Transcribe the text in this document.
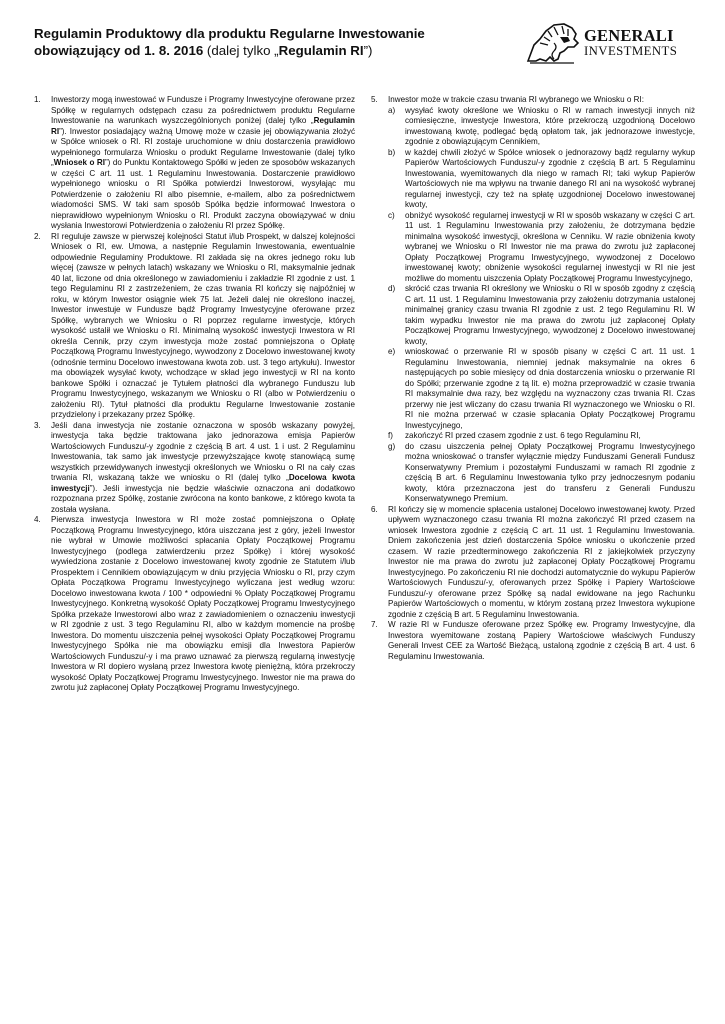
Regulamin Produktowy dla produktu Regularne Inwestowanie
obowiązujący od 1. 8. 2016 (dalej tylko „Regulamin RI”)
GENERALI
INVESTMENTS
1. Inwestorzy mogą inwestować w Fundusze i Programy Inwestycyjne oferowane przez Spółkę w regularnych odstępach czasu za pośrednictwem produktu Regularne Inwestowanie na warunkach wyszczególnionych poniżej (dalej tylko „Regulamin RI”). Inwestor posiadający ważną Umowę może w czasie jej obowiązywania złożyć w Spółce wniosek o RI. RI zostaje uruchomione w dniu dostarczenia prawidłowo wypełnionego formularza Wniosku o produkt Regularne Inwestowanie (dalej tylko „Wniosek o RI”) do Punktu Kontaktowego Spółki w jeden ze sposobów wskazanych w części C art. 11 ust. 1 Regulaminu Inwestowania. Dostarczenie prawidłowo wypełnionego wniosku o RI Spółka potwierdzi Inwestorowi, wysyłając mu Potwierdzenie o założeniu RI albo pisemnie, e-mailem, albo za pośrednictwem wiadomości SMS. W taki sam sposób Spółka będzie informować Inwestora o nieprawidłowo wypełnionym Wniosku o RI. Produkt zaczyna obowiązywać w dniu wysłania Inwestorowi Potwierdzenia o założeniu RI przez Spółkę.

2. RI reguluje zawsze w pierwszej kolejności Statut i/lub Prospekt, w dalszej kolejności Wniosek o RI, ew. Umowa, a następnie Regulamin Inwestowania, ewentualnie odpowiednie Regulaminy Produktowe. RI zakłada się na okres jednego roku lub więcej (zawsze w pełnych latach) wskazany we Wniosku o RI, maksymalnie jednak 40 lat, liczone od dnia określonego w zawiadomieniu i zakładzie RI zgodnie z ust. 1 tego Regulaminu RI z zastrzeżeniem, że czas trwania RI kończy się najpóźniej w roku, w którym Inwestor osiągnie wiek 75 lat. Jeżeli dalej nie określono inaczej, Inwestor inwestuje w Fundusze bądź Programy Inwestycyjne oferowane przez Spółkę, wybranych we Wniosku o RI poprzez regularne inwestycje, których wysokość ustalił we Wniosku o RI. Minimalną wysokość inwestycji Inwestora w RI określa Cennik, przy czym inwestycja może zostać pomniejszona o Opłatę Początkową Programu Inwestycyjnego, wywodzony z Docelowo inwestowanej kwoty (odnośnie terminu Docelowo inwestowana kwota zob. ust. 3 tego artykułu). Inwestor ma obowiązek wysyłać kwoty, wchodzące w skład jego inwestycji w RI na konto bankowe Spółki i oznaczać je Tytułem płatności dla wybranego Funduszu lub Programu Inwestycyjnego, wskazanym we Wniosku o RI (albo w Potwierdzeniu o założeniu RI). Tytuł płatności dla produktu Regularne Inwestowanie zostanie przydzielony i przekazany przez Spółkę.

3. Jeśli dana inwestycja nie zostanie oznaczona w sposób wskazany powyżej, inwestycja taka będzie traktowana jako jednorazowa emisja Papierów Wartościowych Funduszu/-y zgodnie z częścią B art. 4 ust. 1 i ust. 2 Regulaminu Inwestowania, tak samo jak inwestycje przewyższające kwotę stanowiącą sumę wszystkich przewidywanych inwestycji określonych we Wniosku o RI na cały czas trwania RI, wskazaną także we wniosku o RI (dalej tylko „Docelowa kwota inwestycji”). Jeśli inwestycja nie będzie właściwie oznaczona ani dodatkowo rozpoznana przez Spółkę, zostanie zwrócona na konto bankowe, z którego kwota ta została wysłana.

4. Pierwsza inwestycja Inwestora w RI może zostać pomniejszona o Opłatę Początkową Programu Inwestycyjnego, która uiszczana jest z góry, jeżeli Inwestor nie wybrał w Umowie możliwości spłacania Opłaty Początkowej Programu Inwestycyjnego (podlega zatwierdzeniu przez Spółkę) i której wysokość wywiedziona zostanie z Docelowo inwestowanej kwoty zgodnie ze Statutem i/lub Prospektem i Cennikiem obowiązującym w dniu przyjęcia Wniosku o RI, przy czym Opłata Początkowa Programu Inwestycyjnego wyliczana jest według wzoru: Docelowo inwestowana kwota / 100 * odpowiedni % Opłaty Początkowej Programu Inwestycyjnego. Konkretną wysokość Opłaty Początkowej Programu Inwestycyjnego Spółka przekaże Inwestorowi albo wraz z zawiadomieniem o oznaczeniu inwestycji w RI zgodnie z ust. 3 tego Regulaminu RI, albo w każdym momencie na prośbę Inwestora. Do momentu uiszczenia pełnej wysokości Opłaty Początkowej Programu Inwestycyjnego Spółka nie ma obowiązku emisji dla Inwestora Papierów Wartościowych Funduszu/-y i ma prawo uznawać za pierwszą regularną inwestycję Inwestora w RI dopiero wysłaną przez Inwestora kwotę pieniężną, która przekroczy wysokość Opłaty Początkowej Programu Inwestycyjnego. Inwestor nie ma prawa do zwrotu już zapłaconej Opłaty Początkowej Programu Inwestycyjnego.

5. Inwestor może w trakcie czasu trwania RI wybranego we Wniosku o RI:

a) wysyłać kwoty określone we Wniosku o RI w ramach inwestycji innych niż comiesięczne, inwestycje Inwestora, które przekroczą uzgodnioną Docelowo inwestowaną kwotę, podlegać będą opłatom tak, jak jednorazowe inwestycje, zgodnie z obowiązującym Cennikiem,
b) w każdej chwili złożyć w Spółce wniosek o jednorazowy bądź regularny wykup Papierów Wartościowych Funduszu/-y zgodnie z częścią B art. 5 Regulaminu Inwestowania, wyemitowanych dla niego w ramach RI; taki wykup Papierów Wartościowych nie ma wpływu na trwanie danego RI ani na wysokość wybranej regularnej inwestycji, czy też na spłatę uzgodnionej Docelowo inwestowanej kwoty,
c) obniżyć wysokość regularnej inwestycji w RI w sposób wskazany w części C art. 11 ust. 1 Regulaminu Inwestowania przy założeniu, że dotrzymana będzie minimalna wysokość inwestycji, określona w Cenniku. W razie obniżenia kwoty wybranej we Wniosku o RI Inwestor nie ma prawa do zwrotu już zapłaconej Opłaty Początkowej Programu Inwestycyjnego, wywodzonej z Docelowo inwestowanej kwoty; obniżenie wysokości regularnej inwestycji w RI nie jest możliwe do momentu uiszczenia Opłaty Początkowej Programu Inwestycyjnego,
d) skrócić czas trwania RI określony we Wniosku o RI w sposób zgodny z częścią C art. 11 ust. 1 Regulaminu Inwestowania przy założeniu dotrzymania ustalonej minimalnej granicy czasu trwania RI zgodnie z ust. 2 tego Regulaminu RI. W takim wypadku Inwestor nie ma prawa do zwrotu już zapłaconej Opłaty Początkowej Programu Inwestycyjnego, wywodzonej z Docelowo inwestowanej kwoty,
e) wnioskować o przerwanie RI w sposób pisany w części C art. 11 ust. 1 Regulaminu Inwestowania, niemniej jednak maksymalnie na okres 6 następujących po sobie miesięcy od dnia dostarczenia wniosku o przerwanie RI do Spółki; przerwanie zgodne z tą lit. e) można przeprowadzić w czasie trwania RI maksymalnie dwa razy, bez względu na wyznaczony czas trwania RI. Czas przerwy nie jest wliczany do czasu trwania RI wyznaczonego we Wniosku o RI. RI nie można przerwać w czasie spłacania Opłaty Początkowej Programu Inwestycyjnego,
f) zakończyć RI przed czasem zgodnie z ust. 6 tego Regulaminu RI,
g) do czasu uiszczenia pełnej Opłaty Początkowej Programu Inwestycyjnego można wnioskować o transfer wyłącznie między Funduszami Generali Fundusz Konserwatywny Premium i pozostałymi Funduszami w ramach RI zgodnie z częścią B art. 6 Regulaminu Inwestowania tylko przy jednoczesnym podaniu kwoty, która przeznaczona jest do transferu z Generali Funduszu Konserwatywnego Premium.
6. RI kończy się w momencie spłacenia ustalonej Docelowo inwestowanej kwoty. Przed upływem wyznaczonego czasu trwania RI można zakończyć RI przed czasem na wniosek Inwestora zgodnie z częścią C art. 11 ust. 1 Regulaminu Inwestowania. Dniem zakończenia jest dzień dostarczenia Spółce wniosku o ukończenie przed czasem. W razie przedterminowego zakończenia RI z jakiejkolwiek przyczyny Inwestor nie ma prawa do zwrotu już zapłaconej Opłaty Początkowej Programu Inwestycyjnego. Po zakończeniu RI nie dochodzi automatycznie do wykupu Papierów Wartościowych Funduszu/-y, oferowanych przez Spółkę i Papiery Wartościowe Funduszu/-y oferowane przez Spółkę są nadal ewidowane na jego Rachunku Papierów Wartościowych o momentu, w którym zostaną przez Inwestora wykupione zgodnie z częścią B art. 5 Regulaminu Inwestowania.

7. W razie RI w Fundusze oferowane przez Spółkę ew. Programy Inwestycyjne, dla Inwestora wyemitowane zostaną Papiery Wartościowe właściwych Funduszy Generali Invest CEE za Wartość Bieżącą, ustaloną zgodnie z częścią B art. 4 ust. 6 Regulaminu Inwestowania.
